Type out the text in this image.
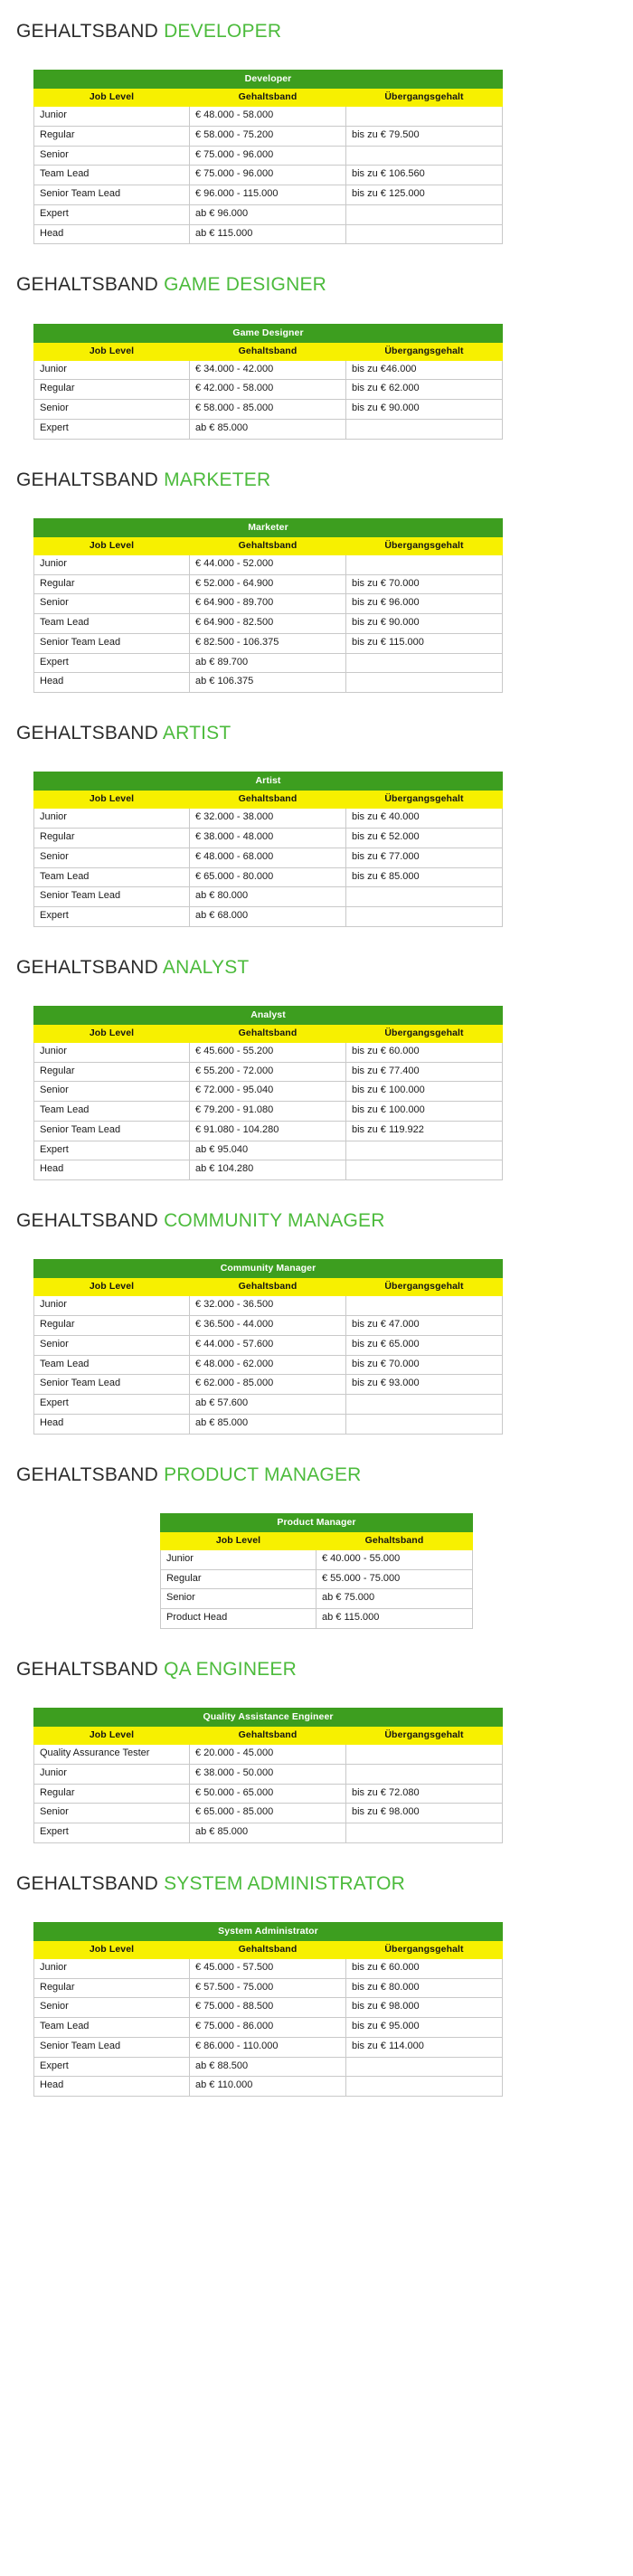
GEHALTSBAND DEVELOPER
Developer		
Job Level	Gehaltsband	Übergangsgehalt
Junior	€ 48.000 - 58.000	
Regular	€ 58.000 - 75.200	bis zu € 79.500
Senior	€ 75.000 - 96.000	
Team Lead	€ 75.000 - 96.000	bis zu € 106.560
Senior Team Lead	€ 96.000 - 115.000	bis zu € 125.000
Expert	ab € 96.000	
Head	ab € 115.000	
GEHALTSBAND GAME DESIGNER
Game Designer		
Job Level	Gehaltsband	Übergangsgehalt
Junior	€ 34.000 - 42.000	bis zu €46.000
Regular	€ 42.000 - 58.000	bis zu € 62.000
Senior	€ 58.000 - 85.000	bis zu € 90.000
Expert	ab € 85.000	
GEHALTSBAND MARKETER
Marketer		
Job Level	Gehaltsband	Übergangsgehalt
Junior	€ 44.000 - 52.000	
Regular	€ 52.000 - 64.900	bis zu € 70.000
Senior	€ 64.900 - 89.700	bis zu € 96.000
Team Lead	€ 64.900 - 82.500	bis zu € 90.000
Senior Team Lead	€ 82.500 - 106.375	bis zu € 115.000
Expert	ab € 89.700	
Head	ab € 106.375	
GEHALTSBAND ARTIST
Artist		
Job Level	Gehaltsband	Übergangsgehalt
Junior	€ 32.000 - 38.000	bis zu € 40.000
Regular	€ 38.000 - 48.000	bis zu € 52.000
Senior	€ 48.000 - 68.000	bis zu € 77.000
Team Lead	€ 65.000 - 80.000	bis zu € 85.000
Senior Team Lead	ab € 80.000	
Expert	ab € 68.000	
GEHALTSBAND ANALYST
Analyst		
Job Level	Gehaltsband	Übergangsgehalt
Junior	€ 45.600 - 55.200	bis zu € 60.000
Regular	€ 55.200 - 72.000	bis zu € 77.400
Senior	€ 72.000 - 95.040	bis zu € 100.000
Team Lead	€ 79.200 - 91.080	bis zu € 100.000
Senior Team Lead	€ 91.080 - 104.280	bis zu € 119.922
Expert	ab € 95.040	
Head	ab € 104.280	
GEHALTSBAND COMMUNITY MANAGER
Community Manager		
Job Level	Gehaltsband	Übergangsgehalt
Junior	€ 32.000 - 36.500	
Regular	€ 36.500 - 44.000	bis zu € 47.000
Senior	€ 44.000 - 57.600	bis zu € 65.000
Team Lead	€ 48.000 - 62.000	bis zu € 70.000
Senior Team Lead	€ 62.000 - 85.000	bis zu € 93.000
Expert	ab € 57.600	
Head	ab € 85.000	
GEHALTSBAND PRODUCT MANAGER
Product Manager	
Job Level	Gehaltsband
Junior	€ 40.000 - 55.000
Regular	€ 55.000 - 75.000
Senior	ab € 75.000
Product Head	ab € 115.000
GEHALTSBAND QA ENGINEER
Quality Assistance Engineer		
Job Level	Gehaltsband	Übergangsgehalt
Quality Assurance Tester	€ 20.000 - 45.000	
Junior	€ 38.000 - 50.000	
Regular	€ 50.000 - 65.000	bis zu € 72.080
Senior	€ 65.000 - 85.000	bis zu € 98.000
Expert	ab € 85.000	
GEHALTSBAND SYSTEM ADMINISTRATOR
System Administrator		
Job Level	Gehaltsband	Übergangsgehalt
Junior	€ 45.000 - 57.500	bis zu € 60.000
Regular	€ 57.500 - 75.000	bis zu € 80.000
Senior	€ 75.000 - 88.500	bis zu € 98.000
Team Lead	€ 75.000 - 86.000	bis zu € 95.000
Senior Team Lead	€ 86.000 - 110.000	bis zu € 114.000
Expert	ab € 88.500	
Head	ab € 110.000	
